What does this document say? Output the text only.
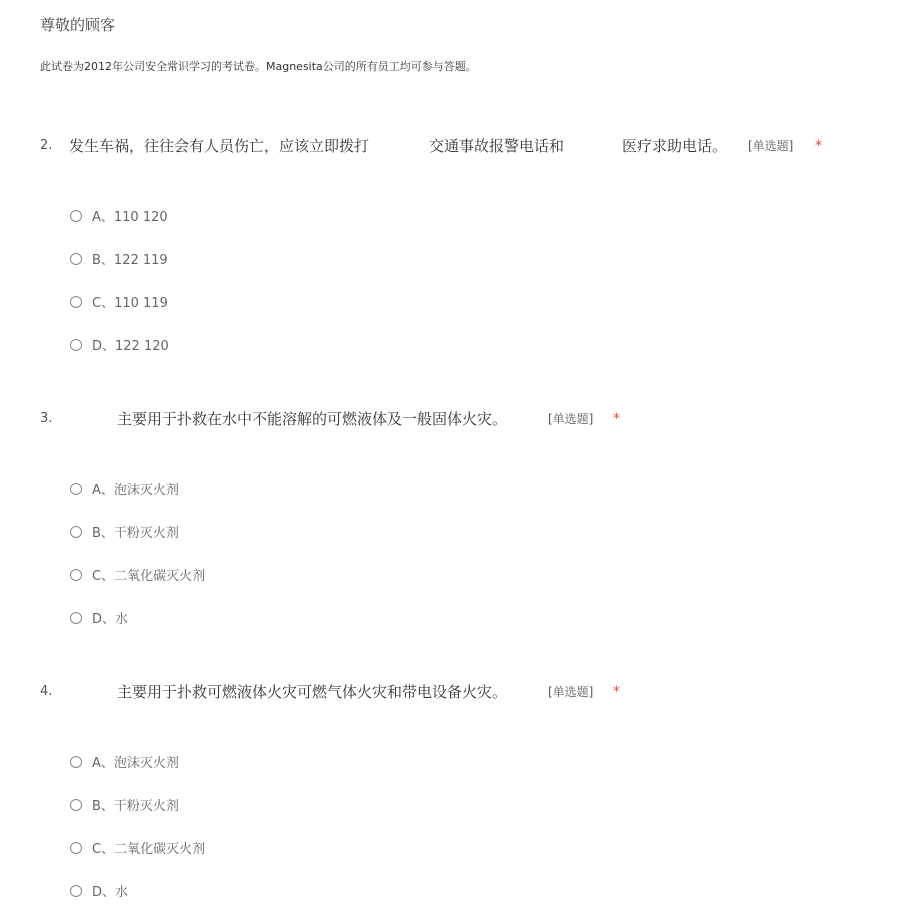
尊敬的顾客
此试卷为2012年公司安全常识学习的考试卷。Magnesita公司的所有员工均可参与答题。
2. 发生车祸，往往会有人员伤亡，应该立即拨打	交通事故报警电话和	医疗求助电话。 [单选题] *
A、110 120
B、122 119
C、110 119
D、122 120
3.	主要用于扑救在水中不能溶解的可燃液体及一般固体火灾。	[单选题] *
A、泡沫灭火剂
B、干粉灭火剂
C、二氧化碳灭火剂
D、水
4.	主要用于扑救可燃液体火灾可燃气体火灾和带电设备火灾。	[单选题] *
A、泡沫灭火剂
B、干粉灭火剂
C、二氧化碳灭火剂
D、水
